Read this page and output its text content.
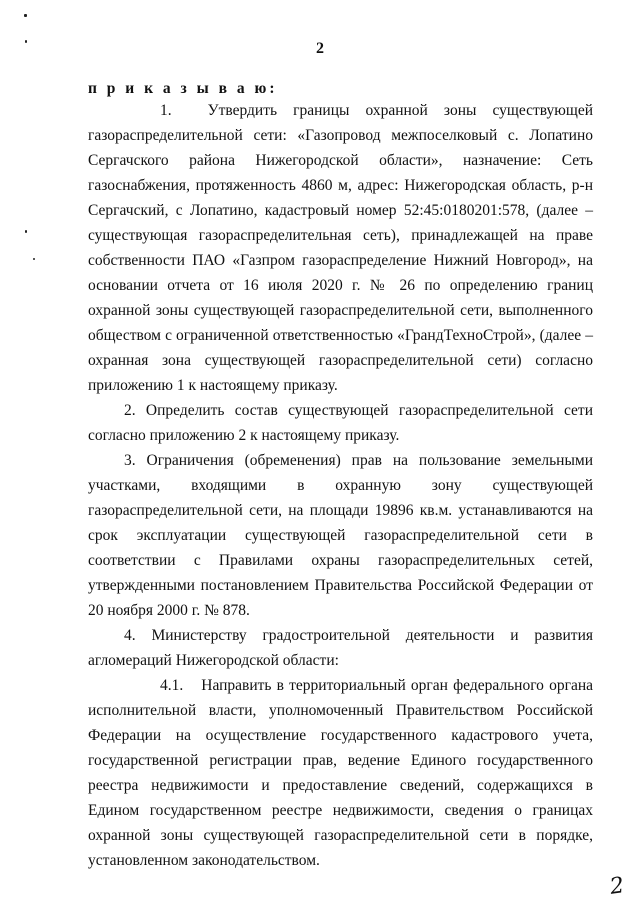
2
п р и к а з ы в а ю:

1. Утвердить границы охранной зоны существующей газораспределительной сети: «Газопровод межпоселковый с. Лопатино Сергачского района Нижегородской области», назначение: Сеть газоснабжения, протяженность 4860 м, адрес: Нижегородская область, р-н Сергачский, с Лопатино, кадастровый номер 52:45:0180201:578, (далее – существующая газораспределительная сеть), принадлежащей на праве собственности ПАО «Газпром газораспределение Нижний Новгород», на основании отчета от 16 июля 2020 г. № 26 по определению границ охранной зоны существующей газораспределительной сети, выполненного обществом с ограниченной ответственностью «ГрандТехноСтрой», (далее – охранная зона существующей газораспределительной сети) согласно приложению 1 к настоящему приказу.

2. Определить состав существующей газораспределительной сети согласно приложению 2 к настоящему приказу.

3. Ограничения (обременения) прав на пользование земельными участками, входящими в охранную зону существующей газораспределительной сети, на площади 19896 кв.м. устанавливаются на срок эксплуатации существующей газораспределительной сети в соответствии с Правилами охраны газораспределительных сетей, утвержденными постановлением Правительства Российской Федерации от 20 ноября 2000 г. № 878.

4. Министерству градостроительной деятельности и развития агломераций Нижегородской области:

4.1. Направить в территориальный орган федерального органа исполнительной власти, уполномоченный Правительством Российской Федерации на осуществление государственного кадастрового учета, государственной регистрации прав, ведение Единого государственного реестра недвижимости и предоставление сведений, содержащихся в Едином государственном реестре недвижимости, сведения о границах охранной зоны существующей газораспределительной сети в порядке, установленном законодательством.

2
